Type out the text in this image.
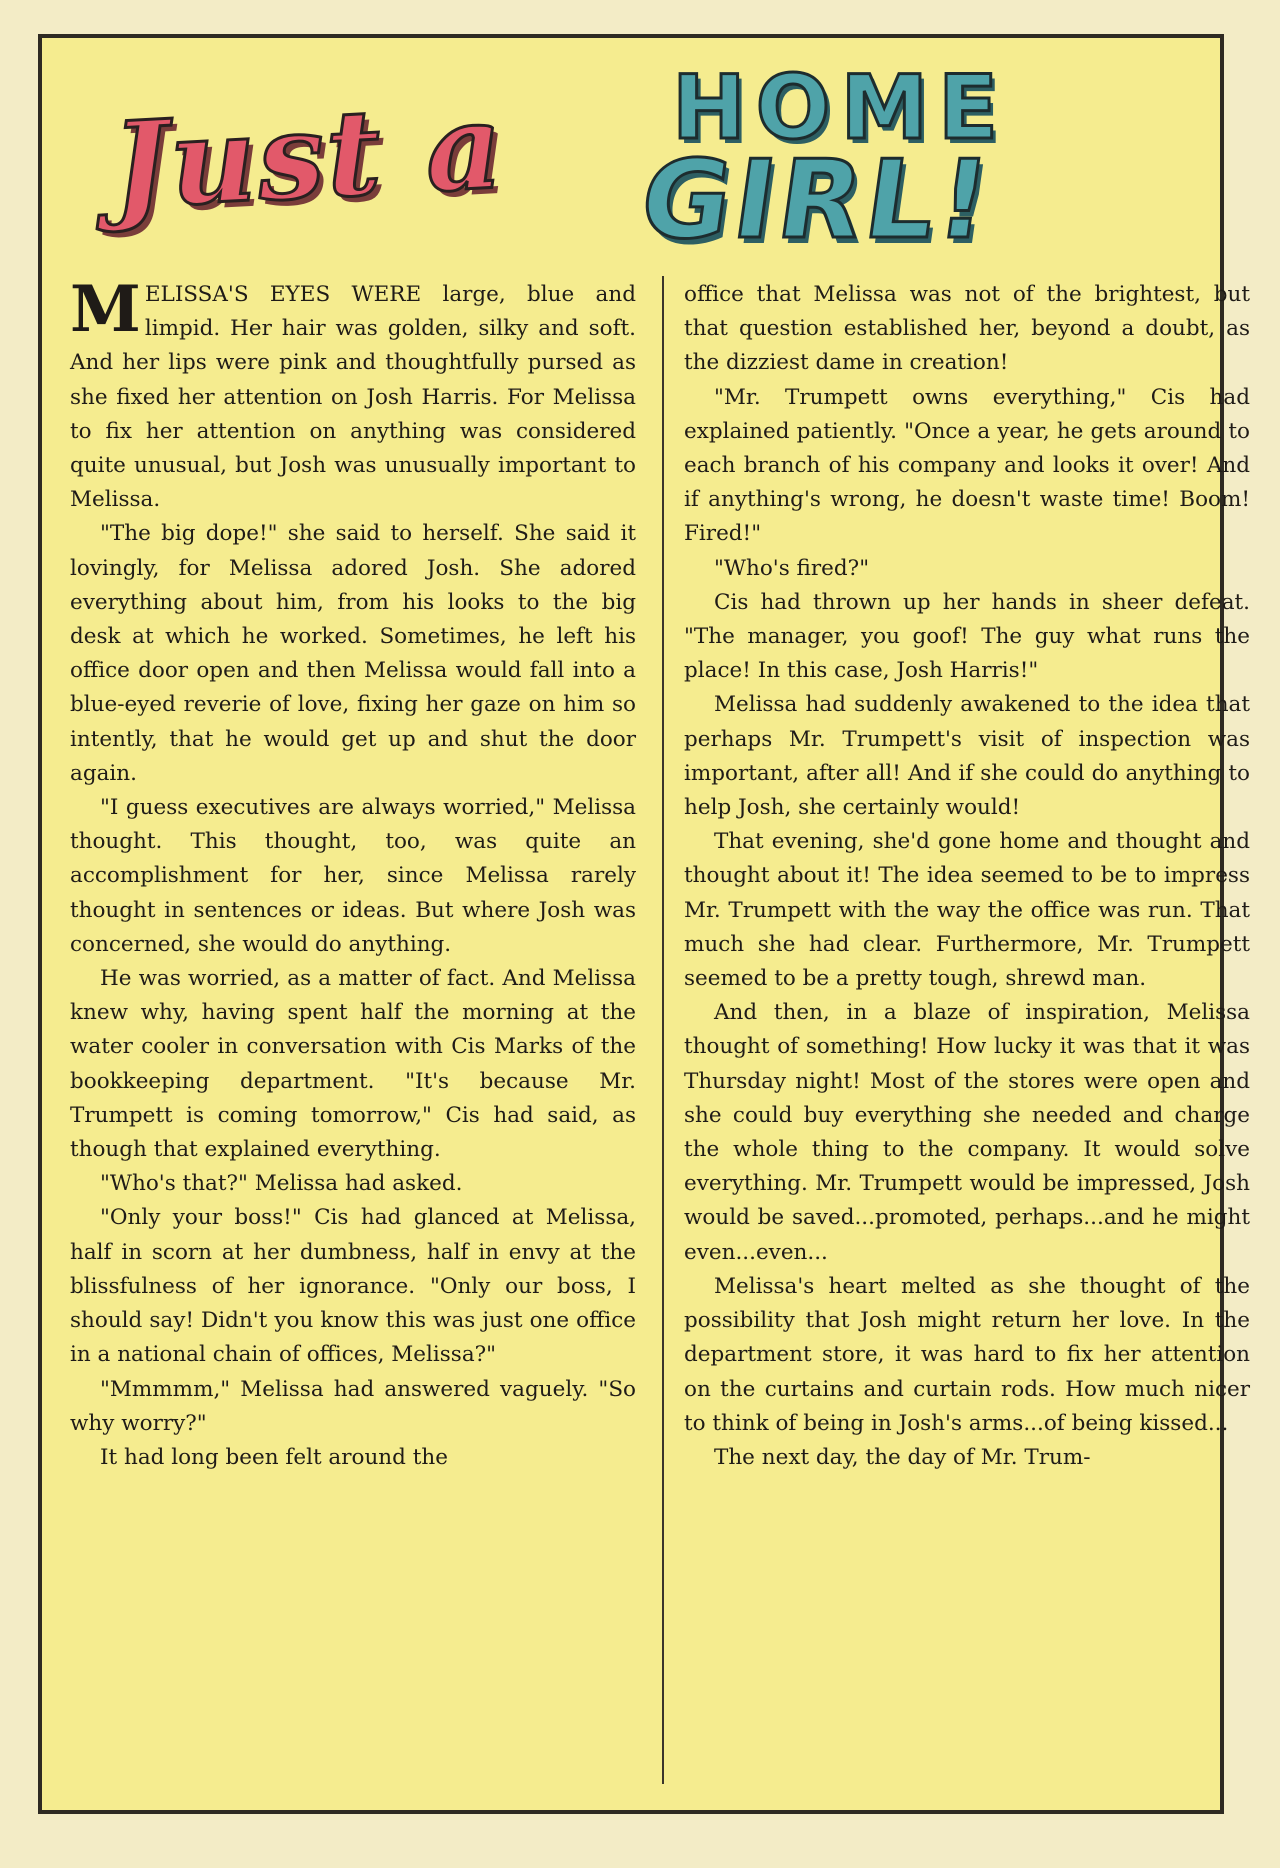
Just a HOME
GIRL!

MELISSA'S EYES WERE large, blue and limpid. Her hair was golden, silky and soft. And her lips were pink and thoughtfully pursed as she fixed her attention on Josh Harris. For Melissa to fix her attention on anything was considered quite unusual, but Josh was unusually important to Melissa.

"The big dope!" she said to herself. She said it lovingly, for Melissa adored Josh. She adored everything about him, from his looks to the big desk at which he worked. Sometimes, he left his office door open and then Melissa would fall into a blue-eyed reverie of love, fixing her gaze on him so intently, that he would get up and shut the door again.

"I guess executives are always worried," Melissa thought. This thought, too, was quite an accomplishment for her, since Melissa rarely thought in sentences or ideas. But where Josh was concerned, she would do anything.

He was worried, as a matter of fact. And Melissa knew why, having spent half the morning at the water cooler in conversation with Cis Marks of the bookkeeping department. "It's because Mr. Trumpett is coming tomorrow," Cis had said, as though that explained everything.

"Who's that?" Melissa had asked.

"Only your boss!" Cis had glanced at Melissa, half in scorn at her dumbness, half in envy at the blissfulness of her ignorance. "Only our boss, I should say! Didn't you know this was just one office in a national chain of offices, Melissa?"

"Mmmmm," Melissa had answered vaguely. "So why worry?"

It had long been felt around the

office that Melissa was not of the brightest, but that question established her, beyond a doubt, as the dizziest dame in creation!

"Mr. Trumpett owns everything," Cis had explained patiently. "Once a year, he gets around to each branch of his company and looks it over! And if anything's wrong, he doesn't waste time! Boom! Fired!"

"Who's fired?"

Cis had thrown up her hands in sheer defeat. "The manager, you goof! The guy what runs the place! In this case, Josh Harris!"

Melissa had suddenly awakened to the idea that perhaps Mr. Trumpett's visit of inspection was important, after all! And if she could do anything to help Josh, she certainly would!

That evening, she'd gone home and thought and thought about it! The idea seemed to be to impress Mr. Trumpett with the way the office was run. That much she had clear. Furthermore, Mr. Trumpett seemed to be a pretty tough, shrewd man.

And then, in a blaze of inspiration, Melissa thought of something! How lucky it was that it was Thursday night! Most of the stores were open and she could buy everything she needed and charge the whole thing to the company. It would solve everything. Mr. Trumpett would be impressed, Josh would be saved...promoted, perhaps...and he might even...even...

Melissa's heart melted as she thought of the possibility that Josh might return her love. In the department store, it was hard to fix her attention on the curtains and curtain rods. How much nicer to think of being in Josh's arms...of being kissed...

The next day, the day of Mr. Trum-
